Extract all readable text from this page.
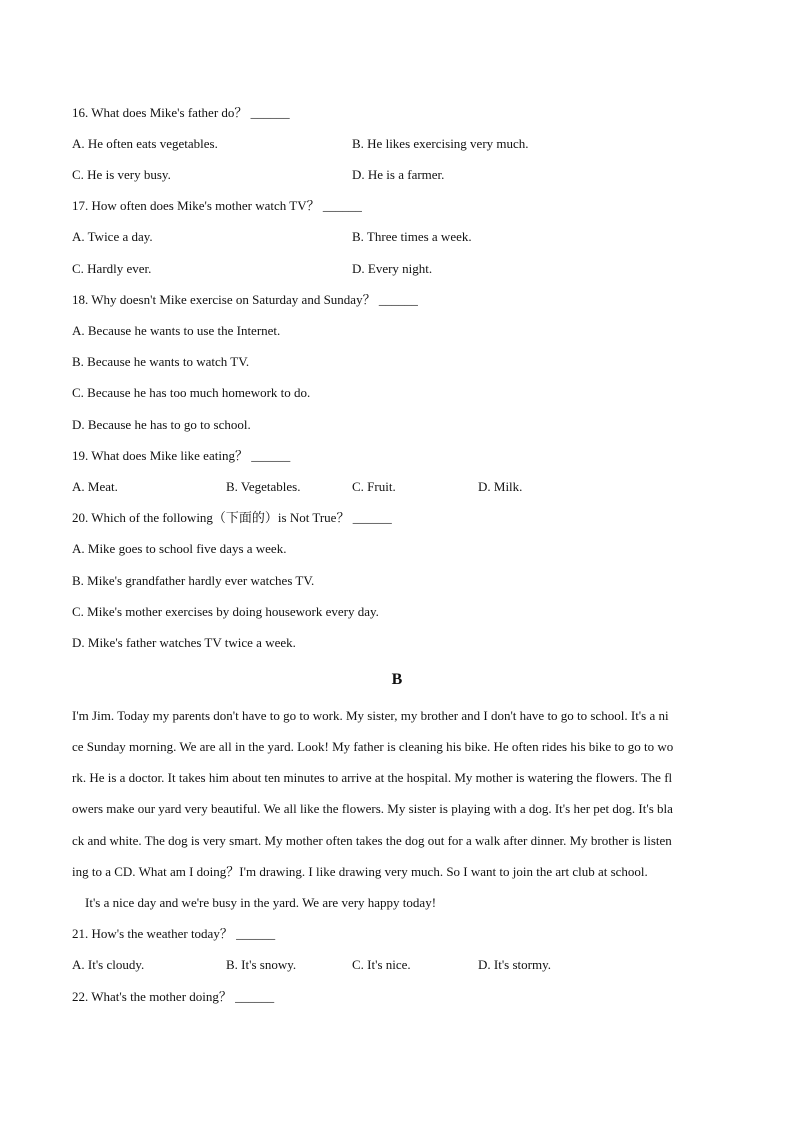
16. What does Mike's father do？ ______
A. He often eats vegetables.	B. He likes exercising very much.
C. He is very busy.	D. He is a farmer.
17. How often does Mike's mother watch TV？ ______
A. Twice a day.	B. Three times a week.
C. Hardly ever.	D. Every night.
18. Why doesn't Mike exercise on Saturday and Sunday？ ______
A. Because he wants to use the Internet.
B. Because he wants to watch TV.
C. Because he has too much homework to do.
D. Because he has to go to school.
19. What does Mike like eating？ ______
A. Meat.	B. Vegetables.	C. Fruit.	D. Milk.
20. Which of the following（下面的）is Not True？ ______
A. Mike goes to school five days a week.
B. Mike's grandfather hardly ever watches TV.
C. Mike's mother exercises by doing housework every day.
D. Mike's father watches TV twice a week.
B
I'm Jim. Today my parents don't have to go to work. My sister, my brother and I don't have to go to school. It's a ni
ce Sunday morning. We are all in the yard. Look! My father is cleaning his bike. He often rides his bike to go to wo
rk. He is a doctor. It takes him about ten minutes to arrive at the hospital. My mother is watering the flowers. The fl
owers make our yard very beautiful. We all like the flowers. My sister is playing with a dog. It's her pet dog. It's bla
ck and white. The dog is very smart. My mother often takes the dog out for a walk after dinner. My brother is listen
ing to a CD. What am I doing？I'm drawing. I like drawing very much. So I want to join the art club at school.
It's a nice day and we're busy in the yard. We are very happy today!
21. How's the weather today？ ______
A. It's cloudy.	B. It's snowy.	C. It's nice.	D. It's stormy.
22. What's the mother doing？ ______
